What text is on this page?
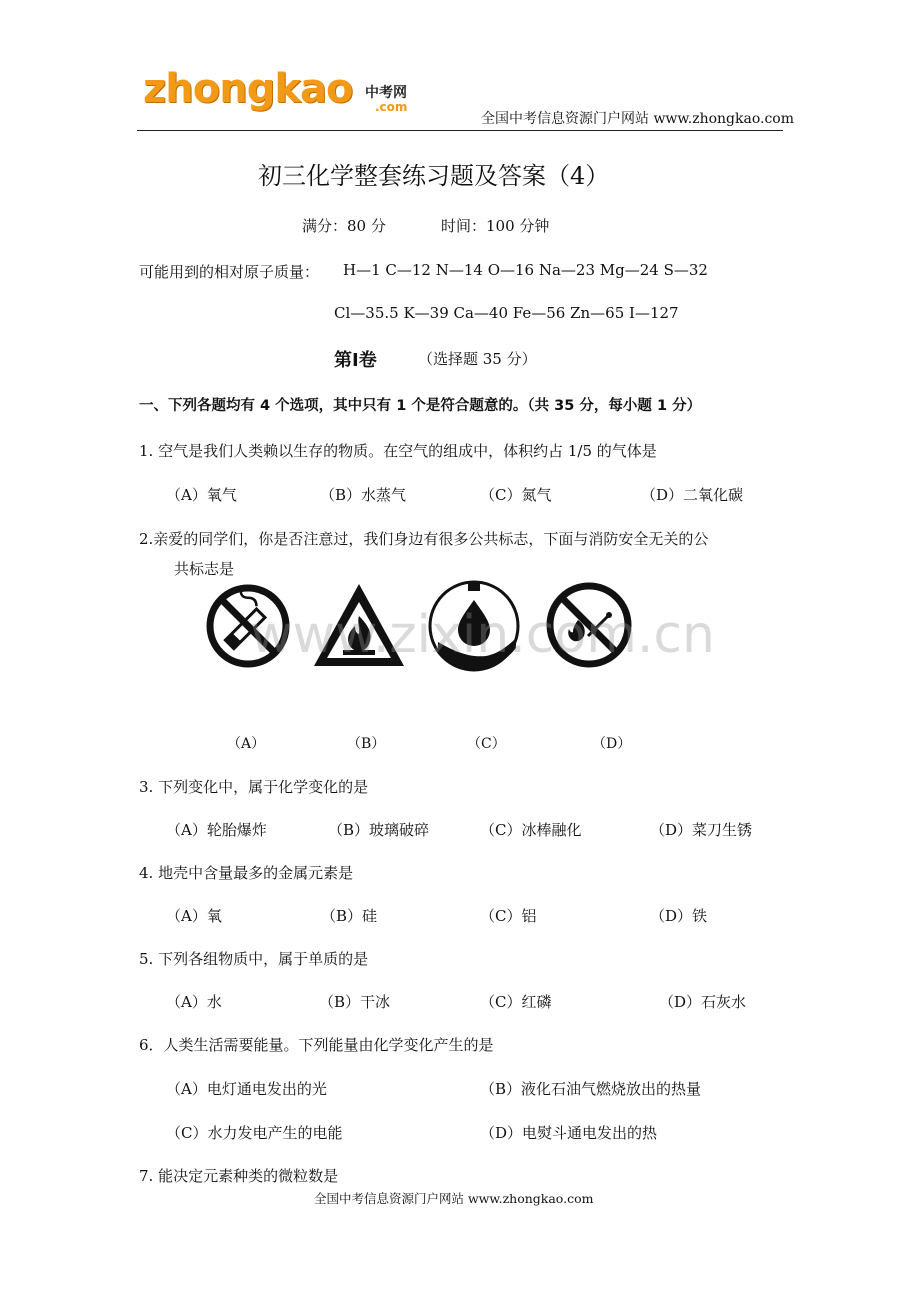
zhongkao 中考网
.com
全国中考信息资源门户网站 www.zhongkao.com
初三化学整套练习题及答案（4）
满分：80 分	时间：100 分钟
可能用到的相对原子质量： H—1 C—12 N—14 O—16 Na—23 Mg—24 S—32
Cl—35.5 K—39 Ca—40 Fe—56 Zn—65 I—127
第Ⅰ卷	（选择题 35 分）
一、下列各题均有 4 个选项，其中只有 1 个是符合题意的。（共 35 分，每小题 1 分）
1. 空气是我们人类赖以生存的物质。在空气的组成中，体积约占 1/5 的气体是
（A）氧气	（B）水蒸气	（C）氮气	（D）二氧化碳
2.亲爱的同学们，你是否注意过，我们身边有很多公共标志，下面与消防安全无关的公
共标志是
www.zixin.com.cn
（A）	（B）	（C）	（D）
3. 下列变化中，属于化学变化的是
（A）轮胎爆炸	（B）玻璃破碎	（C）冰棒融化	（D）菜刀生锈
4. 地壳中含量最多的金属元素是
（A）氧	（B）硅	（C）铝	（D）铁
5. 下列各组物质中，属于单质的是
（A）水	（B）干冰	（C）红磷	（D）石灰水
6．人类生活需要能量。下列能量由化学变化产生的是
（A）电灯通电发出的光	（B）液化石油气燃烧放出的热量
（C）水力发电产生的电能	（D）电熨斗通电发出的热
7. 能决定元素种类的微粒数是
全国中考信息资源门户网站 www.zhongkao.com
